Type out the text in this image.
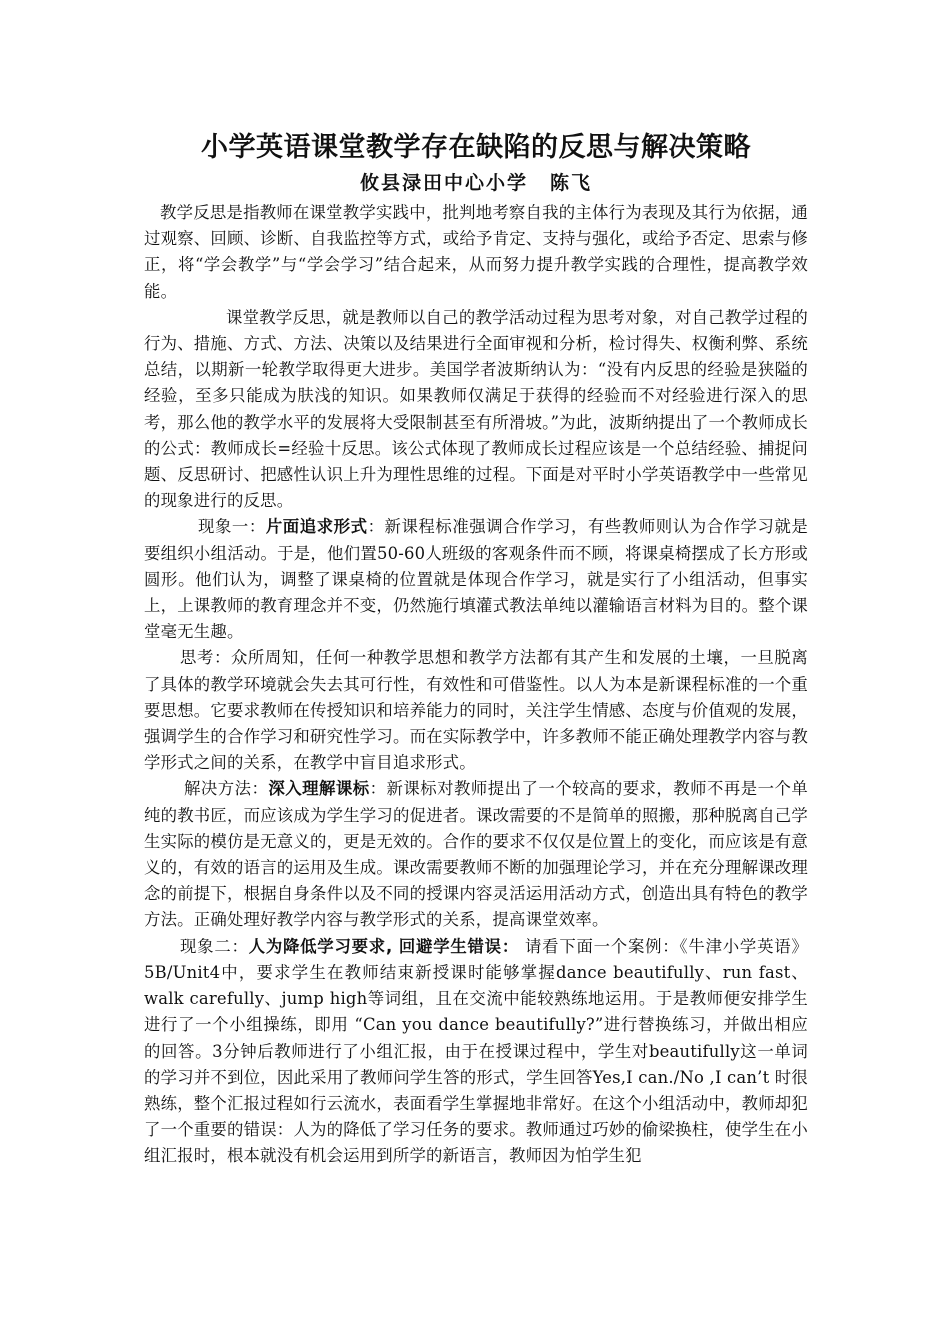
小学英语课堂教学存在缺陷的反思与解决策略
攸县渌田中心小学 陈飞

教学反思是指教师在课堂教学实践中，批判地考察自我的主体行为表现及其行为依据，通过观察、回顾、诊断、自我监控等方式，或给予肯定、支持与强化，或给予否定、思索与修正，将“学会教学”与“学会学习”结合起来，从而努力提升教学实践的合理性，提高教学效能。

课堂教学反思，就是教师以自己的教学活动过程为思考对象，对自己教学过程的行为、措施、方式、方法、决策以及结果进行全面审视和分析，检讨得失、权衡利弊、系统总结，以期新一轮教学取得更大进步。美国学者波斯纳认为：“没有内反思的经验是狭隘的经验，至多只能成为肤浅的知识。如果教师仅满足于获得的经验而不对经验进行深入的思考，那么他的教学水平的发展将大受限制甚至有所滑坡。”为此，波斯纳提出了一个教师成长的公式：教师成长=经验十反思。该公式体现了教师成长过程应该是一个总结经验、捕捉问题、反思研讨、把感性认识上升为理性思维的过程。下面是对平时小学英语教学中一些常见的现象进行的反思。

现象一：片面追求形式：新课程标准强调合作学习，有些教师则认为合作学习就是要组织小组活动。于是，他们置50-60人班级的客观条件而不顾，将课桌椅摆成了长方形或圆形。他们认为，调整了课桌椅的位置就是体现合作学习，就是实行了小组活动，但事实上，上课教师的教育理念并不变，仍然施行填灌式教法单纯以灌输语言材料为目的。整个课堂毫无生趣。

思考：众所周知，任何一种教学思想和教学方法都有其产生和发展的土壤，一旦脱离了具体的教学环境就会失去其可行性，有效性和可借鉴性。以人为本是新课程标准的一个重要思想。它要求教师在传授知识和培养能力的同时，关注学生情感、态度与价值观的发展，强调学生的合作学习和研究性学习。而在实际教学中，许多教师不能正确处理教学内容与教学形式之间的关系，在教学中盲目追求形式。

解决方法：深入理解课标：新课标对教师提出了一个较高的要求，教师不再是一个单纯的教书匠，而应该成为学生学习的促进者。课改需要的不是简单的照搬，那种脱离自己学生实际的模仿是无意义的，更是无效的。合作的要求不仅仅是位置上的变化，而应该是有意义的，有效的语言的运用及生成。课改需要教师不断的加强理论学习，并在充分理解课改理念的前提下，根据自身条件以及不同的授课内容灵活运用活动方式，创造出具有特色的教学方法。正确处理好教学内容与教学形式的关系，提高课堂效率。

现象二：人为降低学习要求, 回避学生错误： 请看下面一个案例：《牛津小学英语》5B/Unit4中，要求学生在教师结束新授课时能够掌握dance beautifully、run fast、walk carefully、jump high等词组，且在交流中能较熟练地运用。于是教师便安排学生进行了一个小组操练，即用 “Can you dance beautifully?”进行替换练习，并做出相应的回答。3分钟后教师进行了小组汇报，由于在授课过程中，学生对beautifully这一单词的学习并不到位，因此采用了教师问学生答的形式，学生回答Yes,I can./No ,I can’t 时很熟练，整个汇报过程如行云流水，表面看学生掌握地非常好。在这个小组活动中，教师却犯了一个重要的错误：人为的降低了学习任务的要求。教师通过巧妙的偷梁换柱，使学生在小组汇报时，根本就没有机会运用到所学的新语言，教师因为怕学生犯
